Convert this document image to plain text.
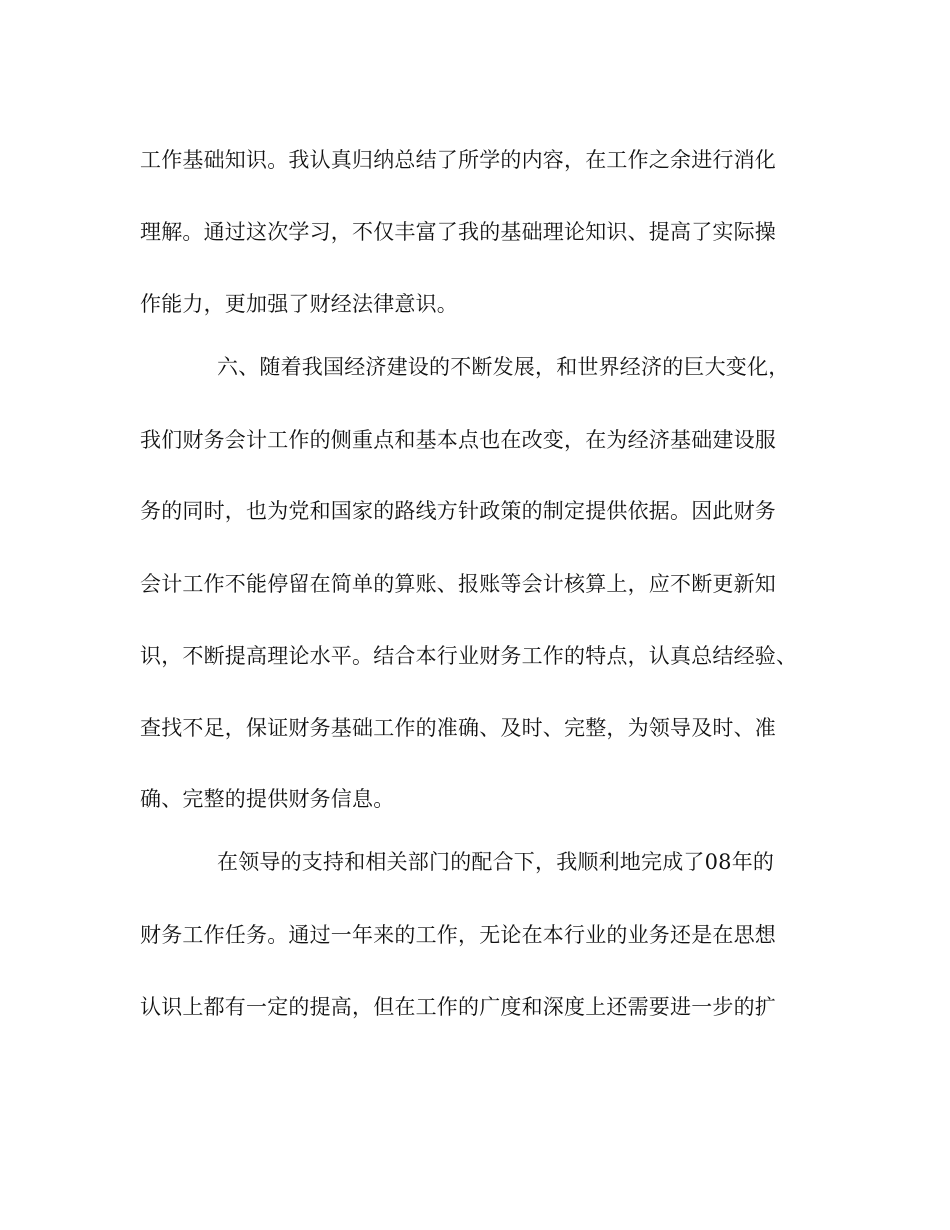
工作基础知识。我认真归纳总结了所学的内容，在工作之余进行消化

理解。通过这次学习，不仅丰富了我的基础理论知识、提高了实际操

作能力，更加强了财经法律意识。

六、随着我国经济建设的不断发展，和世界经济的巨大变化，

我们财务会计工作的侧重点和基本点也在改变，在为经济基础建设服

务的同时，也为党和国家的路线方针政策的制定提供依据。因此财务

会计工作不能停留在简单的算账、报账等会计核算上，应不断更新知

识，不断提高理论水平。结合本行业财务工作的特点，认真总结经验、

查找不足，保证财务基础工作的准确、及时、完整，为领导及时、准

确、完整的提供财务信息。

在领导的支持和相关部门的配合下，我顺利地完成了08年的

财务工作任务。通过一年来的工作，无论在本行业的业务还是在思想

认识上都有一定的提高，但在工作的广度和深度上还需要进一步的扩
